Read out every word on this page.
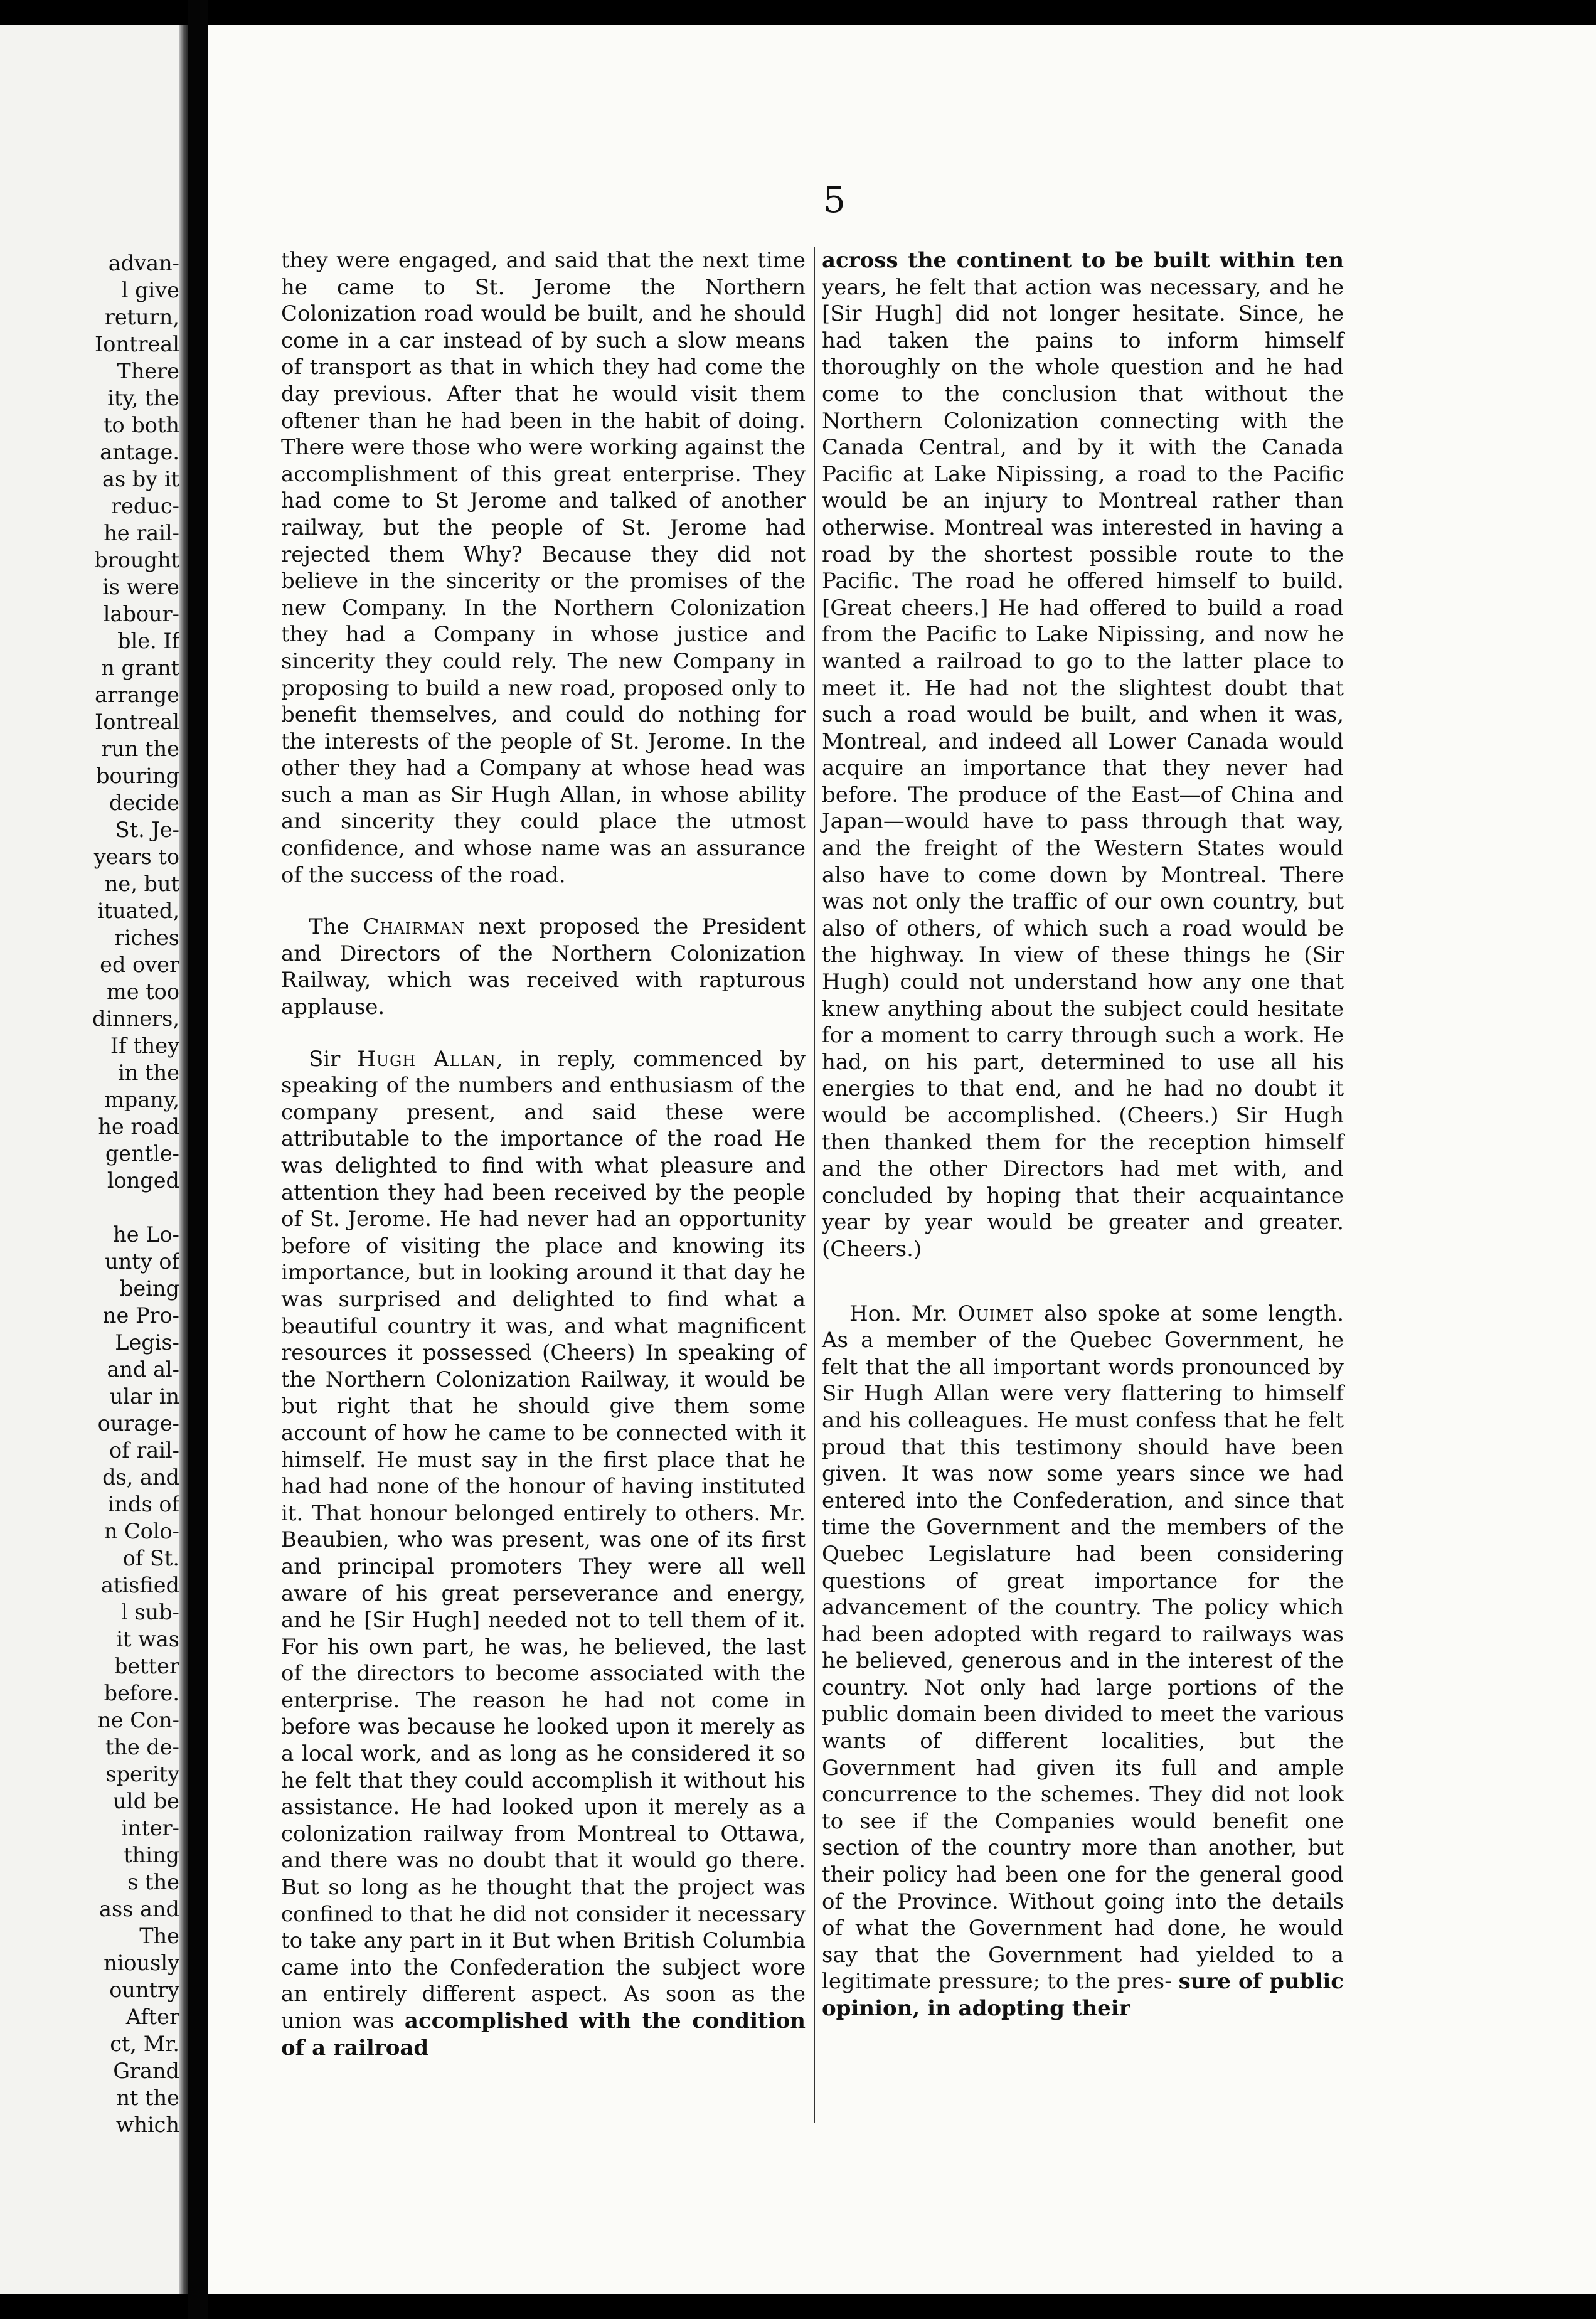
advan-
l give
return,
Iontreal
There
ity, the
to both
antage.
as by it
reduc-
he rail-
brought
is were
labour-
ble. If
n grant
arrange
Iontreal
run the
bouring
decide
St. Je-
years to
ne, but
ituated,
riches
ed over
me too
dinners,
If they
in the
mpany,
he road
gentle-
longed

he Lo-
unty of
being
ne Pro-
Legis-
and al-
ular in
ourage-
of rail-
ds, and
inds of
n Colo-
of St.
atisfied
l sub-
it was
better
before.
ne Con-
the de-
sperity
uld be
inter-
thing
s the
ass and
The
niously
ountry
After
ct, Mr.
Grand
nt the
which
5

they were engaged, and said that the next time he came to St. Jerome the Northern Colonization road would be built, and he should come in a car instead of by such a slow means of transport as that in which they had come the day previous. After that he would visit them oftener than he had been in the habit of doing. There were those who were working against the accomplishment of this great enterprise. They had come to St Jerome and talked of another railway, but the people of St. Jerome had rejected them Why? Because they did not believe in the sincerity or the promises of the new Company. In the Northern Colonization they had a Company in whose justice and sincerity they could rely. The new Company in proposing to build a new road, proposed only to benefit themselves, and could do nothing for the interests of the people of St. Jerome. In the other they had a Company at whose head was such a man as Sir Hugh Allan, in whose ability and sincerity they could place the utmost confidence, and whose name was an assurance of the success of the road.

The Chairman next proposed the President and Directors of the Northern Colonization Railway, which was received with rapturous applause.

Sir Hugh Allan, in reply, commenced by speaking of the numbers and enthusiasm of the company present, and said these were attributable to the importance of the road He was delighted to find with what pleasure and attention they had been received by the people of St. Jerome. He had never had an opportunity before of visiting the place and knowing its importance, but in looking around it that day he was surprised and delighted to find what a beautiful country it was, and what magnificent resources it possessed (Cheers) In speaking of the Northern Colonization Railway, it would be but right that he should give them some account of how he came to be connected with it himself. He must say in the first place that he had had none of the honour of having instituted it. That honour belonged entirely to others. Mr. Beaubien, who was present, was one of its first and principal promoters They were all well aware of his great perseverance and energy, and he [Sir Hugh] needed not to tell them of it. For his own part, he was, he believed, the last of the directors to become associated with the enterprise. The reason he had not come in before was because he looked upon it merely as a local work, and as long as he considered it so he felt that they could accomplish it without his assistance. He had looked upon it merely as a colonization railway from Montreal to Ottawa, and there was no doubt that it would go there. But so long as he thought that the project was confined to that he did not consider it necessary to take any part in it But when British Columbia came into the Confederation the subject wore an entirely different aspect. As soon as the union was accomplished with the condition of a railroad

across the continent to be built within ten years, he felt that action was necessary, and he [Sir Hugh] did not longer hesitate. Since, he had taken the pains to inform himself thoroughly on the whole question and he had come to the conclusion that without the Northern Colonization connecting with the Canada Central, and by it with the Canada Pacific at Lake Nipissing, a road to the Pacific would be an injury to Montreal rather than otherwise. Montreal was interested in having a road by the shortest possible route to the Pacific. The road he offered himself to build. [Great cheers.] He had offered to build a road from the Pacific to Lake Nipissing, and now he wanted a railroad to go to the latter place to meet it. He had not the slightest doubt that such a road would be built, and when it was, Montreal, and indeed all Lower Canada would acquire an importance that they never had before. The produce of the East—of China and Japan—would have to pass through that way, and the freight of the Western States would also have to come down by Montreal. There was not only the traffic of our own country, but also of others, of which such a road would be the highway. In view of these things he (Sir Hugh) could not understand how any one that knew anything about the subject could hesitate for a moment to carry through such a work. He had, on his part, determined to use all his energies to that end, and he had no doubt it would be accomplished. (Cheers.) Sir Hugh then thanked them for the reception himself and the other Directors had met with, and concluded by hoping that their acquaintance year by year would be greater and greater. (Cheers.)

Hon. Mr. Ouimet also spoke at some length. As a member of the Quebec Government, he felt that the all important words pronounced by Sir Hugh Allan were very flattering to himself and his colleagues. He must confess that he felt proud that this testimony should have been given. It was now some years since we had entered into the Confederation, and since that time the Government and the members of the Quebec Legislature had been considering questions of great importance for the advancement of the country. The policy which had been adopted with regard to railways was he believed, generous and in the interest of the country. Not only had large portions of the public domain been divided to meet the various wants of different localities, but the Government had given its full and ample concurrence to the schemes. They did not look to see if the Companies would benefit one section of the country more than another, but their policy had been one for the general good of the Province. Without going into the details of what the Government had done, he would say that the Government had yielded to a legitimate pressure; to the pres- sure of public opinion, in adopting their
